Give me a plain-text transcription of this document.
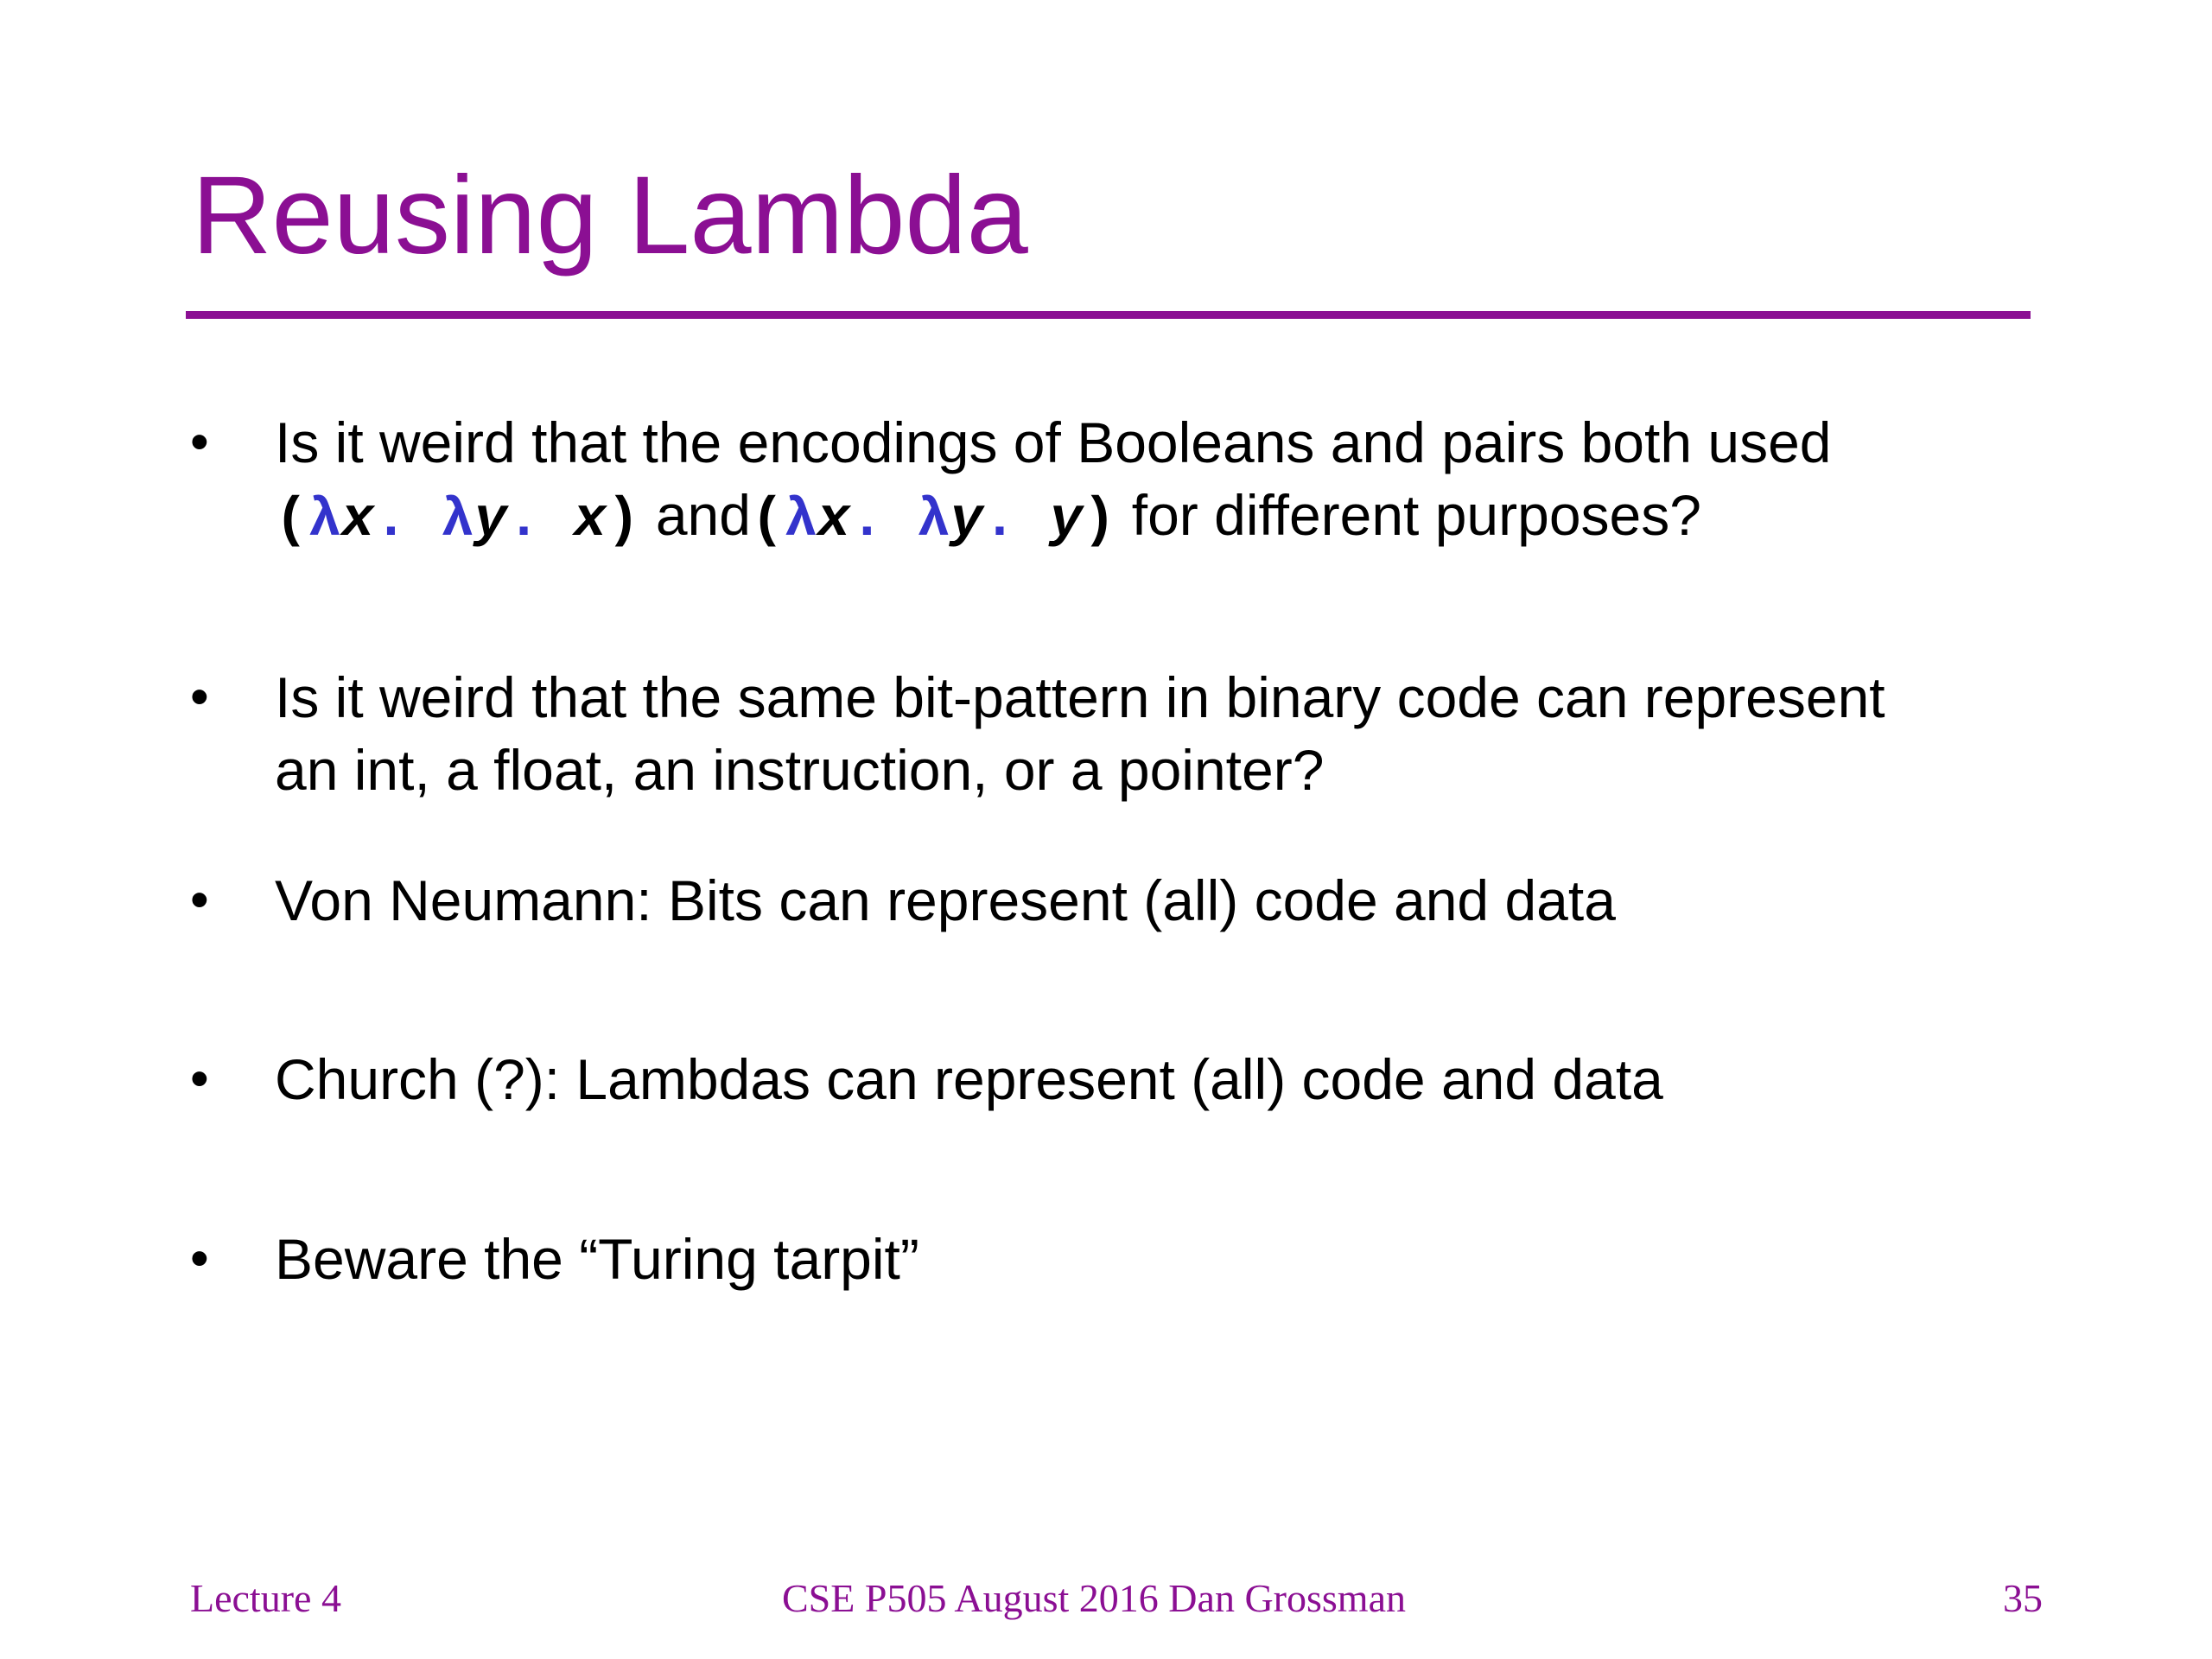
Reusing Lambda
• Is it weird that the encodings of Booleans and pairs both used
(λx. λy. x) and(λx. λy. y) for different purposes?
• Is it weird that the same bit-pattern in binary code can represent
an int, a float, an instruction, or a pointer?
• Von Neumann: Bits can represent (all) code and data
• Church (?): Lambdas can represent (all) code and data
• Beware the “Turing tarpit”
Lecture 4	CSE P505 August 2016 Dan Grossman	35
